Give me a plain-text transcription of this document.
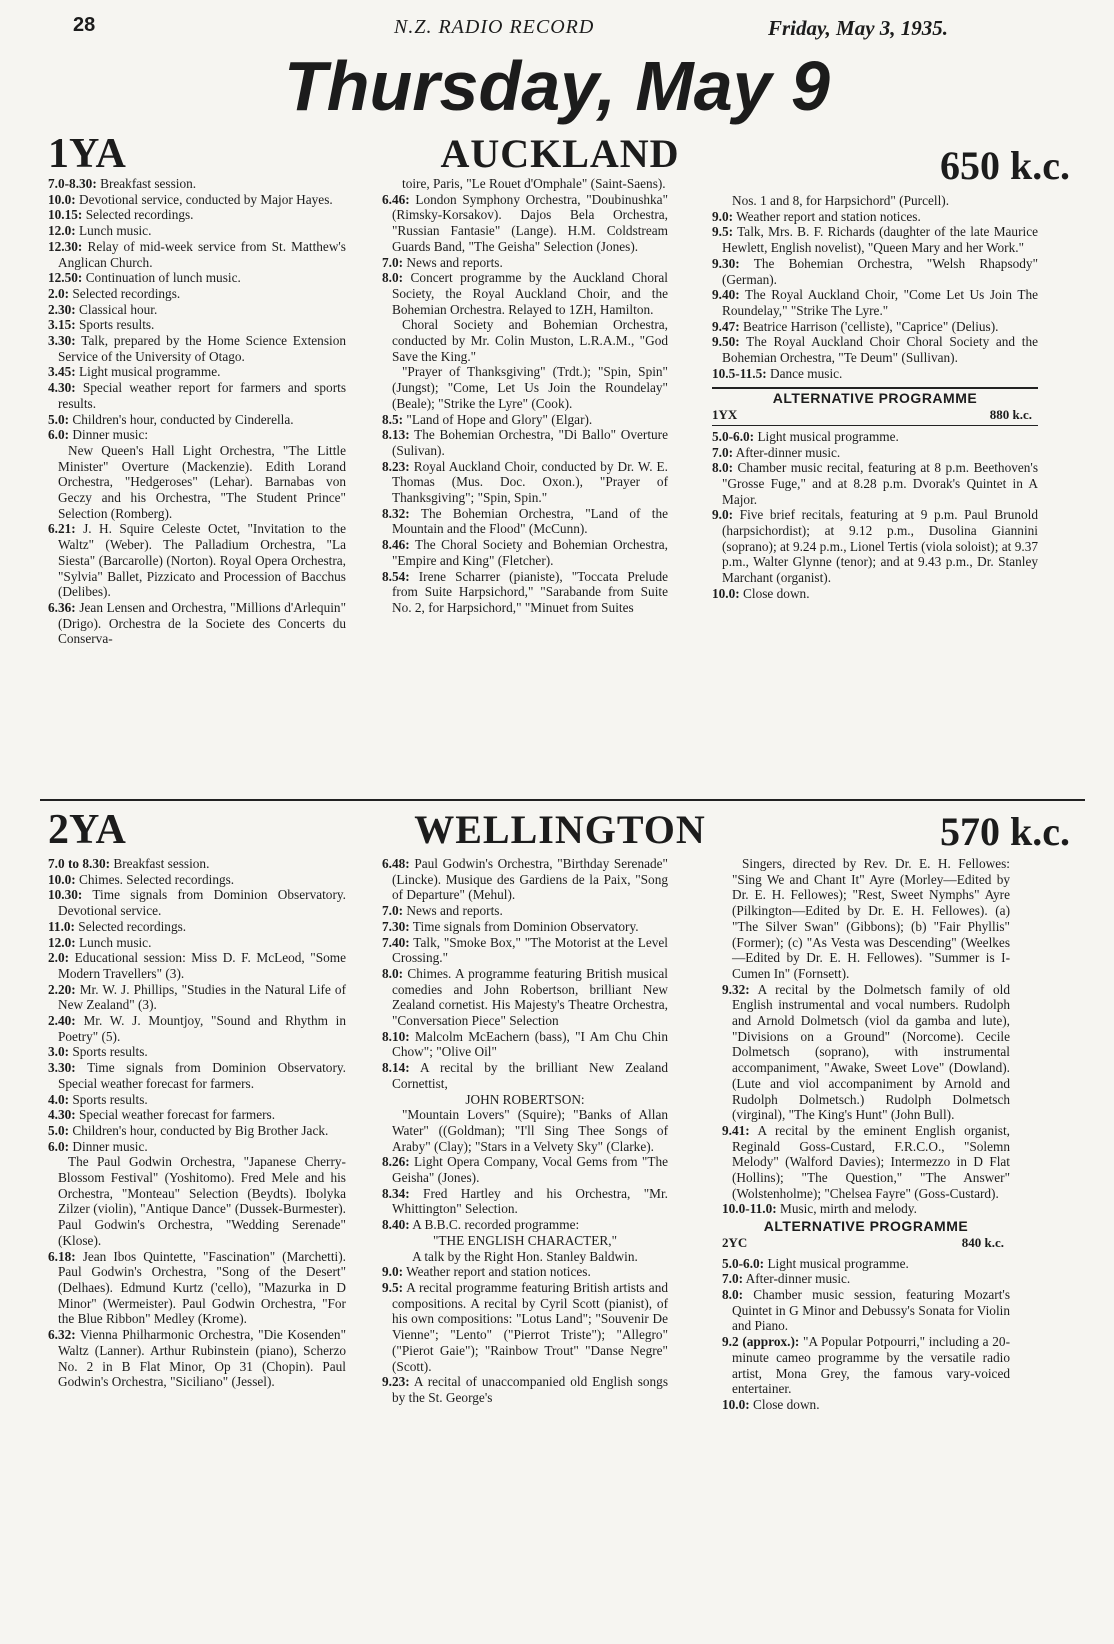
28	N.Z. RADIO RECORD	Friday, May 3, 1935.
Thursday, May 9
AUCKLAND
1YA	650 k.c.

7.0-8.30: Breakfast session.

10.0: Devotional service, conducted by Major Hayes.

10.15: Selected recordings.

12.0: Lunch music.

12.30: Relay of mid-week service from St. Matthew's Anglican Church.

12.50: Continuation of lunch music.

2.0: Selected recordings.

2.30: Classical hour.

3.15: Sports results.

3.30: Talk, prepared by the Home Science Extension Service of the University of Otago.

3.45: Light musical programme.

4.30: Special weather report for farmers and sports results.

5.0: Children's hour, conducted by Cinderella.

6.0: Dinner music:

New Queen's Hall Light Orchestra, "The Little Minister" Overture (Mackenzie). Edith Lorand Orchestra, "Hedgeroses" (Lehar). Barnabas von Geczy and his Orchestra, "The Student Prince" Selection (Romberg).

6.21: J. H. Squire Celeste Octet, "Invitation to the Waltz" (Weber). The Palladium Orchestra, "La Siesta" (Barcarolle) (Norton). Royal Opera Orchestra, "Sylvia" Ballet, Pizzicato and Procession of Bacchus (Delibes).

6.36: Jean Lensen and Orchestra, "Millions d'Arlequin" (Drigo). Orchestra de la Societe des Concerts du Conserva-

toire, Paris, "Le Rouet d'Omphale" (Saint-Saens).

6.46: London Symphony Orchestra, "Doubinushka" (Rimsky-Korsakov). Dajos Bela Orchestra, "Russian Fantasie" (Lange). H.M. Coldstream Guards Band, "The Geisha" Selection (Jones).

7.0: News and reports.

8.0: Concert programme by the Auckland Choral Society, the Royal Auckland Choir, and the Bohemian Orchestra. Relayed to 1ZH, Hamilton.

Choral Society and Bohemian Orchestra, conducted by Mr. Colin Muston, L.R.A.M., "God Save the King."

"Prayer of Thanksgiving" (Trdt.); "Spin, Spin" (Jungst); "Come, Let Us Join the Roundelay" (Beale); "Strike the Lyre" (Cook).

8.5: "Land of Hope and Glory" (Elgar).

8.13: The Bohemian Orchestra, "Di Ballo" Overture (Sulivan).

8.23: Royal Auckland Choir, conducted by Dr. W. E. Thomas (Mus. Doc. Oxon.), "Prayer of Thanksgiving"; "Spin, Spin."

8.32: The Bohemian Orchestra, "Land of the Mountain and the Flood" (McCunn).

8.46: The Choral Society and Bohemian Orchestra, "Empire and King" (Fletcher).

8.54: Irene Scharrer (pianiste), "Toccata Prelude from Suite Harpsichord," "Sarabande from Suite No. 2, for Harpsichord," "Minuet from Suites

Nos. 1 and 8, for Harpsichord" (Purcell).

9.0: Weather report and station notices.

9.5: Talk, Mrs. B. F. Richards (daughter of the late Maurice Hewlett, English novelist), "Queen Mary and her Work."

9.30: The Bohemian Orchestra, "Welsh Rhapsody" (German).

9.40: The Royal Auckland Choir, "Come Let Us Join The Roundelay," "Strike The Lyre."

9.47: Beatrice Harrison ('celliste), "Caprice" (Delius).

9.50: The Royal Auckland Choir Choral Society and the Bohemian Orchestra, "Te Deum" (Sullivan).

10.5-11.5: Dance music.

ALTERNATIVE PROGRAMME
1YX	880 k.c.

5.0-6.0: Light musical programme.

7.0: After-dinner music.

8.0: Chamber music recital, featuring at 8 p.m. Beethoven's "Grosse Fuge," and at 8.28 p.m. Dvorak's Quintet in A Major.

9.0: Five brief recitals, featuring at 9 p.m. Paul Brunold (harpsichordist); at 9.12 p.m., Dusolina Giannini (soprano); at 9.24 p.m., Lionel Tertis (viola soloist); at 9.37 p.m., Walter Glynne (tenor); and at 9.43 p.m., Dr. Stanley Marchant (organist).

10.0: Close down.

WELLINGTON
2YA	570 k.c.

7.0 to 8.30: Breakfast session.

10.0: Chimes. Selected recordings.

10.30: Time signals from Dominion Observatory. Devotional service.

11.0: Selected recordings.

12.0: Lunch music.

2.0: Educational session: Miss D. F. McLeod, "Some Modern Travellers" (3).

2.20: Mr. W. J. Phillips, "Studies in the Natural Life of New Zealand" (3).

2.40: Mr. W. J. Mountjoy, "Sound and Rhythm in Poetry" (5).

3.0: Sports results.

3.30: Time signals from Dominion Observatory. Special weather forecast for farmers.

4.0: Sports results.

4.30: Special weather forecast for farmers.

5.0: Children's hour, conducted by Big Brother Jack.

6.0: Dinner music.

The Paul Godwin Orchestra, "Japanese Cherry-Blossom Festival" (Yoshitomo). Fred Mele and his Orchestra, "Monteau" Selection (Beydts). Ibolyka Zilzer (violin), "Antique Dance" (Dussek-Burmester). Paul Godwin's Orchestra, "Wedding Serenade" (Klose).

6.18: Jean Ibos Quintette, "Fascination" (Marchetti). Paul Godwin's Orchestra, "Song of the Desert" (Delhaes). Edmund Kurtz ('cello), "Mazurka in D Minor" (Wermeister). Paul Godwin Orchestra, "For the Blue Ribbon" Medley (Krome).

6.32: Vienna Philharmonic Orchestra, "Die Kosenden" Waltz (Lanner). Arthur Rubinstein (piano), Scherzo No. 2 in B Flat Minor, Op 31 (Chopin). Paul Godwin's Orchestra, "Siciliano" (Jessel).

6.48: Paul Godwin's Orchestra, "Birthday Serenade" (Lincke). Musique des Gardiens de la Paix, "Song of Departure" (Mehul).

7.0: News and reports.

7.30: Time signals from Dominion Observatory.

7.40: Talk, "Smoke Box," "The Motorist at the Level Crossing."

8.0: Chimes. A programme featuring British musical comedies and John Robertson, brilliant New Zealand cornetist. His Majesty's Theatre Orchestra, "Conversation Piece" Selection

8.10: Malcolm McEachern (bass), "I Am Chu Chin Chow"; "Olive Oil"

8.14: A recital by the brilliant New Zealand Cornettist,

JOHN ROBERTSON:

"Mountain Lovers" (Squire); "Banks of Allan Water" ((Goldman); "I'll Sing Thee Songs of Araby" (Clay); "Stars in a Velvety Sky" (Clarke).

8.26: Light Opera Company, Vocal Gems from "The Geisha" (Jones).

8.34: Fred Hartley and his Orchestra, "Mr. Whittington" Selection.

8.40: A B.B.C. recorded programme:

"THE ENGLISH CHARACTER,"

A talk by the Right Hon. Stanley Baldwin.

9.0: Weather report and station notices.

9.5: A recital programme featuring British artists and compositions. A recital by Cyril Scott (pianist), of his own compositions: "Lotus Land"; "Souvenir De Vienne"; "Lento" ("Pierrot Triste"); "Allegro" ("Pierot Gaie"); "Rainbow Trout" "Danse Negre" (Scott).

9.23: A recital of unaccompanied old English songs by the St. George's

Singers, directed by Rev. Dr. E. H. Fellowes: "Sing We and Chant It" Ayre (Morley—Edited by Dr. E. H. Fellowes); "Rest, Sweet Nymphs" Ayre (Pilkington—Edited by Dr. E. H. Fellowes). (a) "The Silver Swan" (Gibbons); (b) "Fair Phyllis" (Former); (c) "As Vesta was Descending" (Weelkes—Edited by Dr. E. H. Fellowes). "Summer is I-Cumen In" (Fornsett).

9.32: A recital by the Dolmetsch family of old English instrumental and vocal numbers. Rudolph and Arnold Dolmetsch (viol da gamba and lute), "Divisions on a Ground" (Norcome). Cecile Dolmetsch (soprano), with instrumental accompaniment, "Awake, Sweet Love" (Dowland). (Lute and viol accompaniment by Arnold and Rudolph Dolmetsch.) Rudolph Dolmetsch (virginal), "The King's Hunt" (John Bull).

9.41: A recital by the eminent English organist, Reginald Goss-Custard, F.R.C.O., "Solemn Melody" (Walford Davies); Intermezzo in D Flat (Hollins); "The Question," "The Answer" (Wolstenholme); "Chelsea Fayre" (Goss-Custard).

10.0-11.0: Music, mirth and melody.

ALTERNATIVE PROGRAMME
2YC	840 k.c.

5.0-6.0: Light musical programme.

7.0: After-dinner music.

8.0: Chamber music session, featuring Mozart's Quintet in G Minor and Debussy's Sonata for Violin and Piano.

9.2 (approx.): "A Popular Potpourri," including a 20-minute cameo programme by the versatile radio artist, Mona Grey, the famous vary-voiced entertainer.

10.0: Close down.
